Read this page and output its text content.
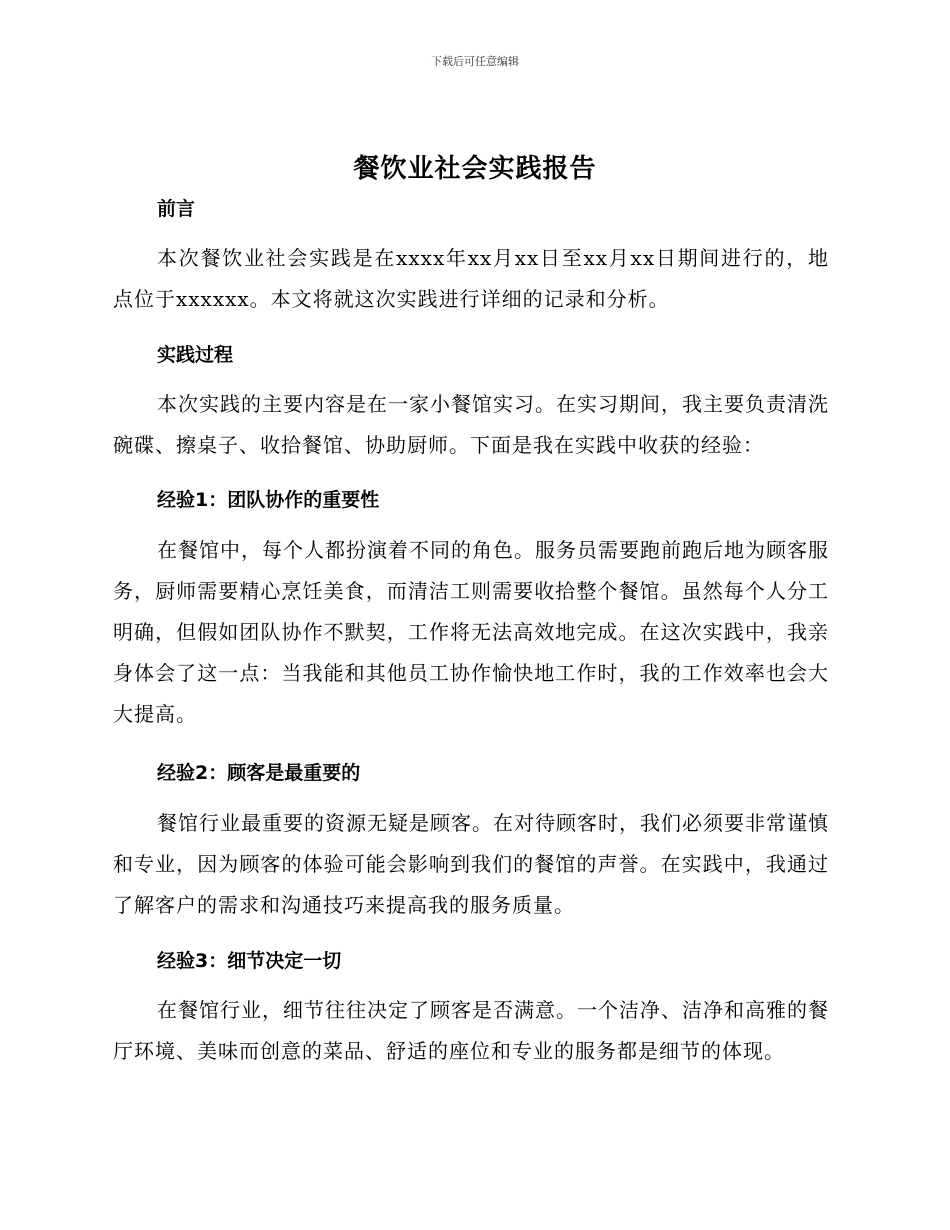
下载后可任意编辑
餐饮业社会实践报告
前言

本次餐饮业社会实践是在xxxx年xx月xx日至xx月xx日期间进行的，地点位于xxxxxx。本文将就这次实践进行详细的记录和分析。

实践过程

本次实践的主要内容是在一家小餐馆实习。在实习期间，我主要负责清洗碗碟、擦桌子、收拾餐馆、协助厨师。下面是我在实践中收获的经验：

经验1：团队协作的重要性

在餐馆中，每个人都扮演着不同的角色。服务员需要跑前跑后地为顾客服务，厨师需要精心烹饪美食，而清洁工则需要收拾整个餐馆。虽然每个人分工明确，但假如团队协作不默契，工作将无法高效地完成。在这次实践中，我亲身体会了这一点：当我能和其他员工协作愉快地工作时，我的工作效率也会大大提高。

经验2：顾客是最重要的

餐馆行业最重要的资源无疑是顾客。在对待顾客时，我们必须要非常谨慎和专业，因为顾客的体验可能会影响到我们的餐馆的声誉。在实践中，我通过了解客户的需求和沟通技巧来提高我的服务质量。

经验3：细节决定一切

在餐馆行业，细节往往决定了顾客是否满意。一个洁净、洁净和高雅的餐厅环境、美味而创意的菜品、舒适的座位和专业的服务都是细节的体现。
